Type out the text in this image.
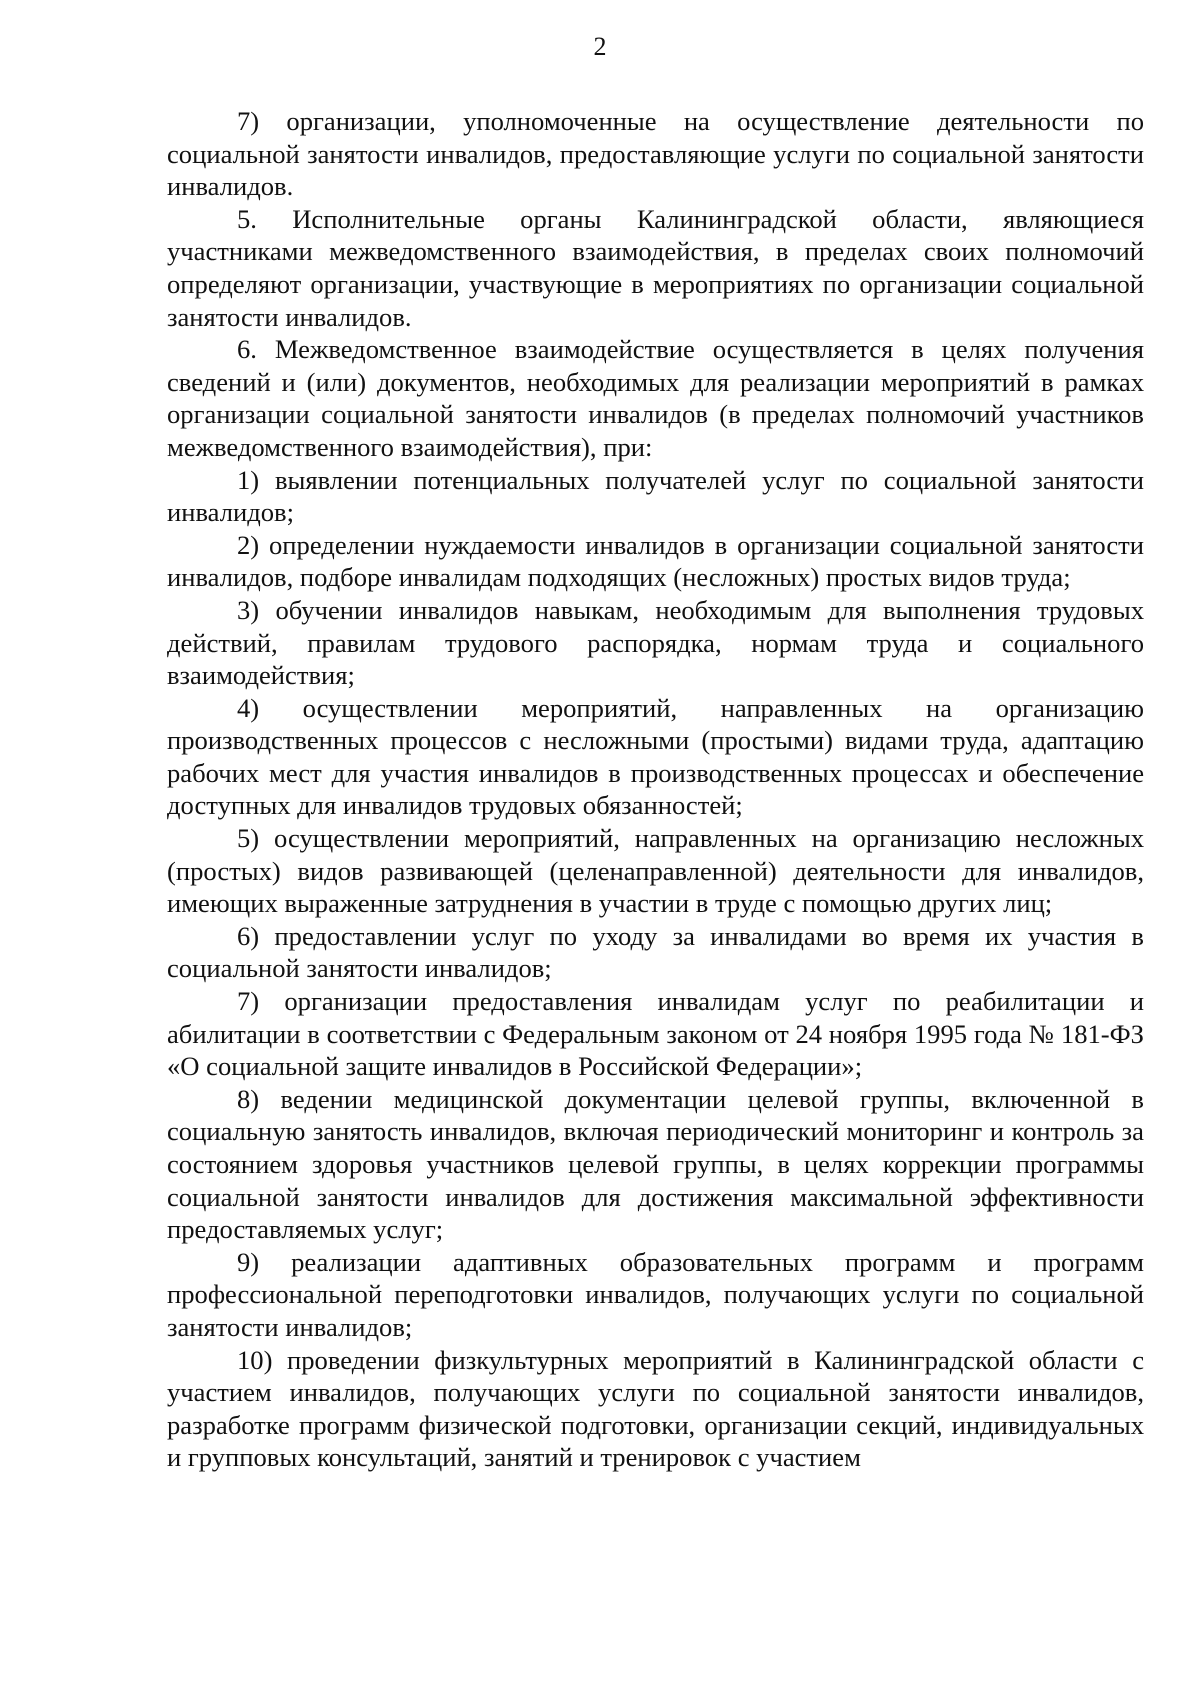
2

7) организации, уполномоченные на осуществление деятельности по социальной занятости инвалидов, предоставляющие услуги по социальной занятости инвалидов.

5. Исполнительные органы Калининградской области, являющиеся участниками межведомственного взаимодействия, в пределах своих полномочий определяют организации, участвующие в мероприятиях по организации социальной занятости инвалидов.

6. Межведомственное взаимодействие осуществляется в целях получения сведений и (или) документов, необходимых для реализации мероприятий в рамках организации социальной занятости инвалидов (в пределах полномочий участников межведомственного взаимодействия), при:

1) выявлении потенциальных получателей услуг по социальной занятости инвалидов;

2) определении нуждаемости инвалидов в организации социальной занятости инвалидов, подборе инвалидам подходящих (несложных) простых видов труда;

3) обучении инвалидов навыкам, необходимым для выполнения трудовых действий, правилам трудового распорядка, нормам труда и социального взаимодействия;

4) осуществлении мероприятий, направленных на организацию производственных процессов с несложными (простыми) видами труда, адаптацию рабочих мест для участия инвалидов в производственных процессах и обеспечение доступных для инвалидов трудовых обязанностей;

5) осуществлении мероприятий, направленных на организацию несложных (простых) видов развивающей (целенаправленной) деятельности для инвалидов, имеющих выраженные затруднения в участии в труде с помощью других лиц;

6) предоставлении услуг по уходу за инвалидами во время их участия в социальной занятости инвалидов;

7) организации предоставления инвалидам услуг по реабилитации и абилитации в соответствии с Федеральным законом от 24 ноября 1995 года № 181-ФЗ «О социальной защите инвалидов в Российской Федерации»;

8) ведении медицинской документации целевой группы, включенной в социальную занятость инвалидов, включая периодический мониторинг и контроль за состоянием здоровья участников целевой группы, в целях коррекции программы социальной занятости инвалидов для достижения максимальной эффективности предоставляемых услуг;

9) реализации адаптивных образовательных программ и программ профессиональной переподготовки инвалидов, получающих услуги по социальной занятости инвалидов;

10) проведении физкультурных мероприятий в Калининградской области с участием инвалидов, получающих услуги по социальной занятости инвалидов, разработке программ физической подготовки, организации секций, индивидуальных и групповых консультаций, занятий и тренировок с участием
